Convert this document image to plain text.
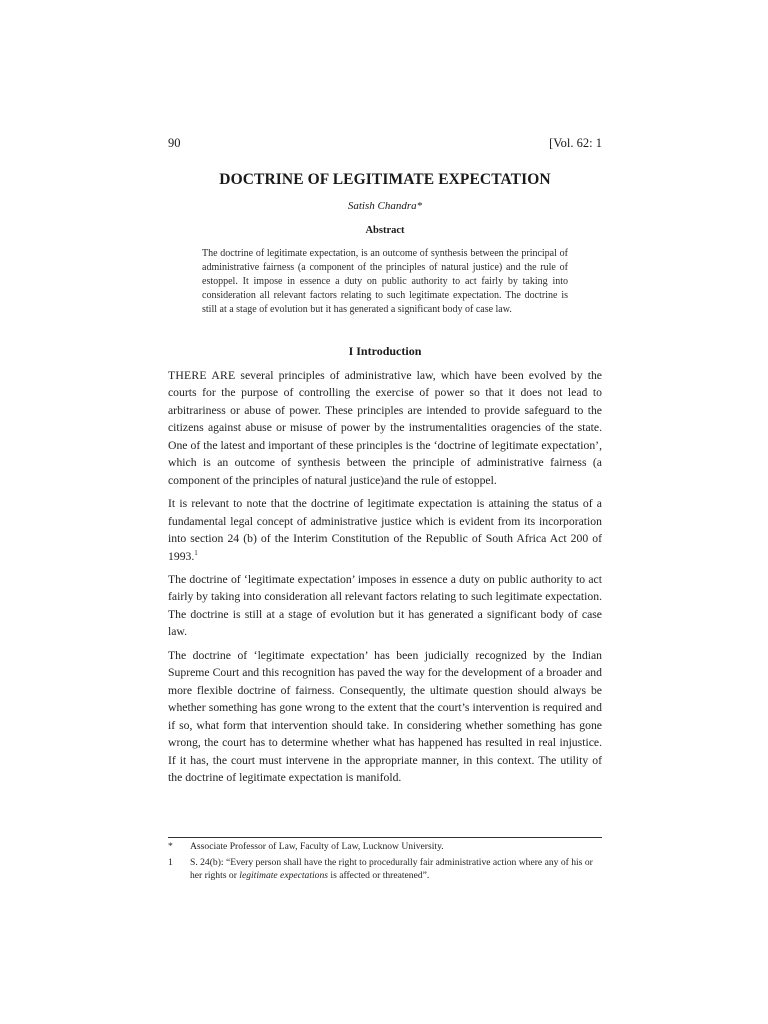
90	[Vol. 62: 1
DOCTRINE OF LEGITIMATE EXPECTATION
Satish Chandra*
Abstract
The doctrine of legitimate expectation, is an outcome of synthesis between the principal of administrative fairness (a component of the principles of natural justice) and the rule of estoppel. It impose in essence a duty on public authority to act fairly by taking into consideration all relevant factors relating to such legitimate expectation. The doctrine is still at a stage of evolution but it has generated a significant body of case law.
I Introduction

THERE ARE several principles of administrative law, which have been evolved by the courts for the purpose of controlling the exercise of power so that it does not lead to arbitrariness or abuse of power. These principles are intended to provide safeguard to the citizens against abuse or misuse of power by the instrumentalities oragencies of the state. One of the latest and important of these principles is the ‘doctrine of legitimate expectation’, which is an outcome of synthesis between the principle of administrative fairness (a component of the principles of natural justice)and the rule of estoppel.

It is relevant to note that the doctrine of legitimate expectation is attaining the status of a fundamental legal concept of administrative justice which is evident from its incorporation into section 24 (b) of the Interim Constitution of the Republic of South Africa Act 200 of 1993.$^1$

The doctrine of ‘legitimate expectation’ imposes in essence a duty on public authority to act fairly by taking into consideration all relevant factors relating to such legitimate expectation. The doctrine is still at a stage of evolution but it has generated a significant body of case law.

The doctrine of ‘legitimate expectation’ has been judicially recognized by the Indian Supreme Court and this recognition has paved the way for the development of a broader and more flexible doctrine of fairness. Consequently, the ultimate question should always be whether something has gone wrong to the extent that the court’s intervention is required and if so, what form that intervention should take. In considering whether something has gone wrong, the court has to determine whether what has happened has resulted in real injustice. If it has, the court must intervene in the appropriate manner, in this context. The utility of the doctrine of legitimate expectation is manifold.

* Associate Professor of Law, Faculty of Law, Lucknow University.
1 S. 24(b): “Every person shall have the right to procedurally fair administrative action where any of his or her rights or legitimate expectations is affected or threatened”.
